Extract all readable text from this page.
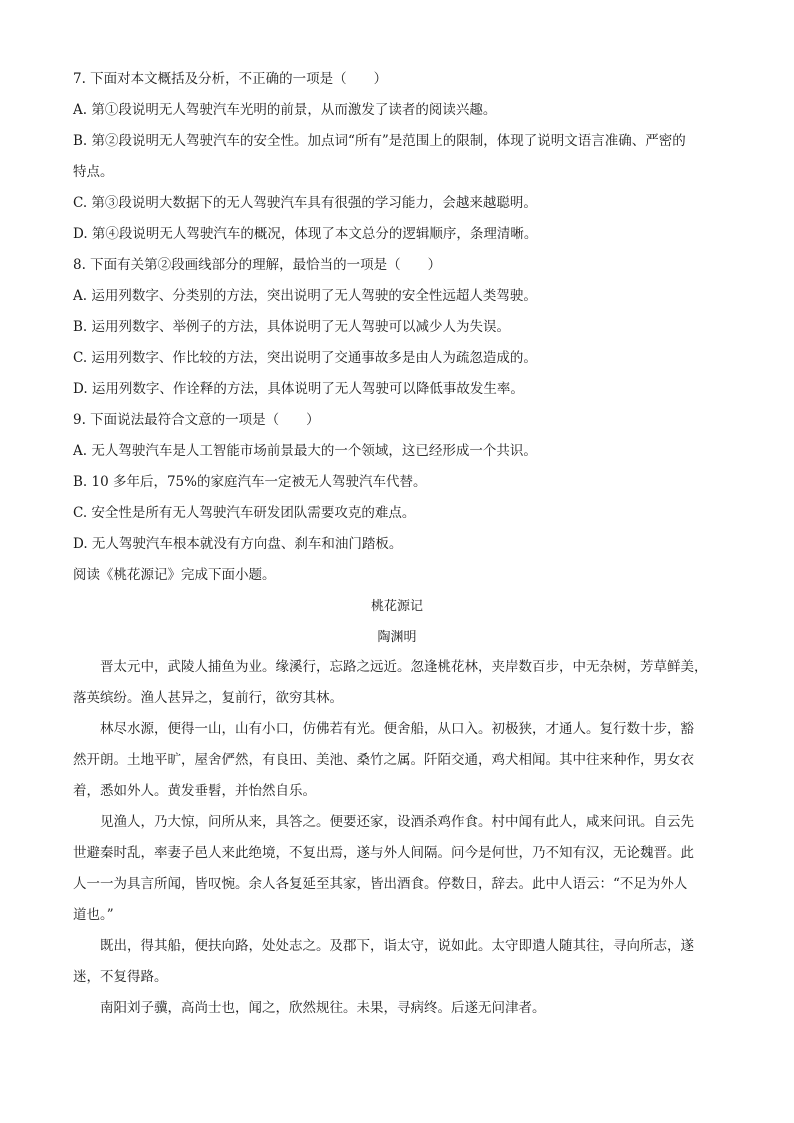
7. 下面对本文概括及分析，不正确的一项是（　　）

A. 第①段说明无人驾驶汽车光明的前景，从而激发了读者的阅读兴趣。

B. 第②段说明无人驾驶汽车的安全性。加点词“所有”是范围上的限制，体现了说明文语言准确、严密的

特点。

C. 第③段说明大数据下的无人驾驶汽车具有很强的学习能力，会越来越聪明。

D. 第④段说明无人驾驶汽车的概况，体现了本文总分的逻辑顺序，条理清晰。

8. 下面有关第②段画线部分的理解，最恰当的一项是（　　）

A. 运用列数字、分类别的方法，突出说明了无人驾驶的安全性远超人类驾驶。

B. 运用列数字、举例子的方法，具体说明了无人驾驶可以减少人为失误。

C. 运用列数字、作比较的方法，突出说明了交通事故多是由人为疏忽造成的。

D. 运用列数字、作诠释的方法，具体说明了无人驾驶可以降低事故发生率。

9. 下面说法最符合文意的一项是（　　）

A. 无人驾驶汽车是人工智能市场前景最大的一个领域，这已经形成一个共识。

B. 10 多年后，75%的家庭汽车一定被无人驾驶汽车代替。

C. 安全性是所有无人驾驶汽车研发团队需要攻克的难点。

D. 无人驾驶汽车根本就没有方向盘、刹车和油门踏板。

阅读《桃花源记》完成下面小题。

桃花源记
陶渊明

晋太元中，武陵人捕鱼为业。缘溪行，忘路之远近。忽逢桃花林，夹岸数百步，中无杂树，芳草鲜美，
落英缤纷。渔人甚异之，复前行，欲穷其林。

林尽水源，便得一山，山有小口，仿佛若有光。便舍船，从口入。初极狭，才通人。复行数十步，豁
然开朗。土地平旷，屋舍俨然，有良田、美池、桑竹之属。阡陌交通，鸡犬相闻。其中往来种作，男女衣
着，悉如外人。黄发垂髫，并怡然自乐。

见渔人，乃大惊，问所从来，具答之。便要还家，设酒杀鸡作食。村中闻有此人，咸来问讯。自云先
世避秦时乱，率妻子邑人来此绝境，不复出焉，遂与外人间隔。问今是何世，乃不知有汉，无论魏晋。此
人一一为具言所闻，皆叹惋。余人各复延至其家，皆出酒食。停数日，辞去。此中人语云：“不足为外人
道也。”

既出，得其船，便扶向路，处处志之。及郡下，诣太守，说如此。太守即遣人随其往，寻向所志，遂
迷，不复得路。

南阳刘子骥，高尚士也，闻之，欣然规往。未果，寻病终。后遂无问津者。
